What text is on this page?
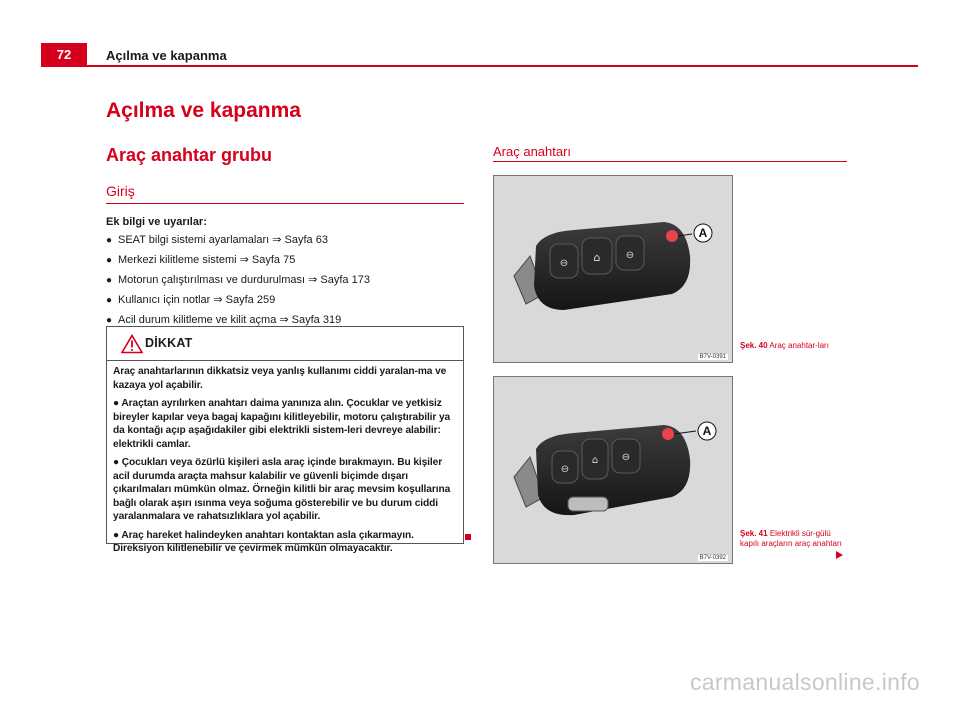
72	Açılma ve kapanma
Açılma ve kapanma
Araç anahtar grubu
Giriş
Ek bilgi ve uyarılar:
● SEAT bilgi sistemi ayarlamaları ⇒ Sayfa 63
● Merkezi kilitleme sistemi ⇒ Sayfa 75
● Motorun çalıştırılması ve durdurulması ⇒ Sayfa 173
● Kullanıcı için notlar ⇒ Sayfa 259
● Acil durum kilitleme ve kilit açma ⇒ Sayfa 319
DİKKAT

Araç anahtarlarının dikkatsiz veya yanlış kullanımı ciddi yaralan-ma ve kazaya yol açabilir.

● Araçtan ayrılırken anahtarı daima yanınıza alın. Çocuklar ve yetkisiz bireyler kapılar veya bagaj kapağını kilitleyebilir, motoru çalıştırabilir ya da kontağı açıp aşağıdakiler gibi elektrikli sistem-leri devreye alabilir: elektrikli camlar.

● Çocukları veya özürlü kişileri asla araç içinde bırakmayın. Bu kişiler acil durumda araçta mahsur kalabilir ve güvenli biçimde dışarı çıkarılmaları mümkün olmaz. Örneğin kilitli bir araç mevsim koşullarına bağlı olarak aşırı ısınma veya soğuma gösterebilir ve bu durum ciddi yaralanmalara ve rahatsızlıklara yol açabilir.

● Araç hareket halindeyken anahtarı kontaktan asla çıkarmayın. Direksiyon kilitlenebilir ve çevirmek mümkün olmayacaktır.

Araç anahtarı
⊖ ⌂	⊖
A
B7V-0391
Şek. 40 Araç anahtar-ları
⊖
⌂ ⊖
A
B7V-0392
Şek. 41 Elektrikli sür-gülü kapılı araçların araç anahtarı
carmanualsonline.info
